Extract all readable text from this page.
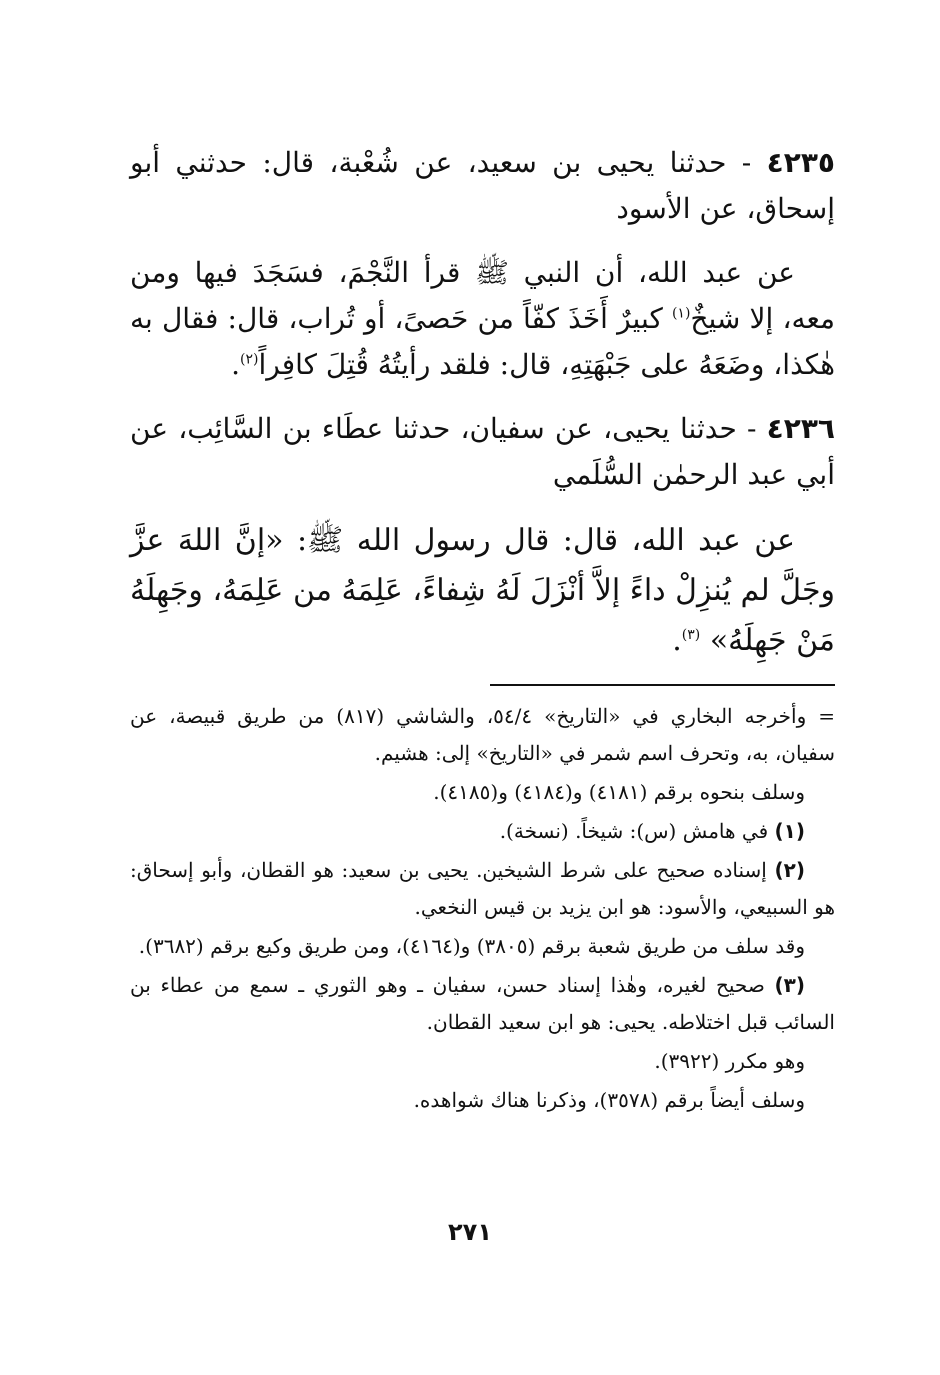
٤٢٣٥ - حدثنا يحيى بن سعيد، عن شُعْبة، قال: حدثني أبو إسحاق، عن الأسود

عن عبد الله، أن النبي ﷺ قرأ النَّجْمَ، فسَجَدَ فيها ومن معه، إلا شيخٌ$^{(١)}$ كبيرٌ أَخَذَ كفّاً من حَصىً، أو تُراب، قال: فقال به هٰكذا، وضَعَهُ على جَبْهَتِهِ، قال: فلقد رأيتُهُ قُتِلَ كافِراً$^{(٢)}$.

٤٢٣٦ - حدثنا يحيى، عن سفيان، حدثنا عطَاء بن السَّائِب، عن أبي عبد الرحمٰن السُّلَمي

عن عبد الله، قال: قال رسول الله ﷺ: «إنَّ اللهَ عزَّ وجَلَّ لم يُنزِلْ داءً إلاَّ أنْزَلَ لَهُ شِفاءً، عَلِمَهُ من عَلِمَهُ، وجَهِلَهُ مَنْ جَهِلَهُ» $^{(٣)}$.

= وأخرجه البخاري في «التاريخ» ٥٤/٤، والشاشي (٨١٧) من طريق قبيصة، عن سفيان، به، وتحرف اسم شمر في «التاريخ» إلى: هشيم.

وسلف بنحوه برقم (٤١٨١) و(٤١٨٤) و(٤١٨٥).

(١) في هامش (س): شيخاً. (نسخة).

(٢) إسناده صحيح على شرط الشيخين. يحيى بن سعيد: هو القطان، وأبو إسحاق: هو السبيعي، والأسود: هو ابن يزيد بن قيس النخعي.

وقد سلف من طريق شعبة برقم (٣٨٠٥) و(٤١٦٤)، ومن طريق وكيع برقم (٣٦٨٢).

(٣) صحيح لغيره، وهٰذا إسناد حسن، سفيان ـ وهو الثوري ـ سمع من عطاء بن السائب قبل اختلاطه. يحيى: هو ابن سعيد القطان.

وهو مكرر (٣٩٢٢).

وسلف أيضاً برقم (٣٥٧٨)، وذكرنا هناك شواهده.

٢٧١
